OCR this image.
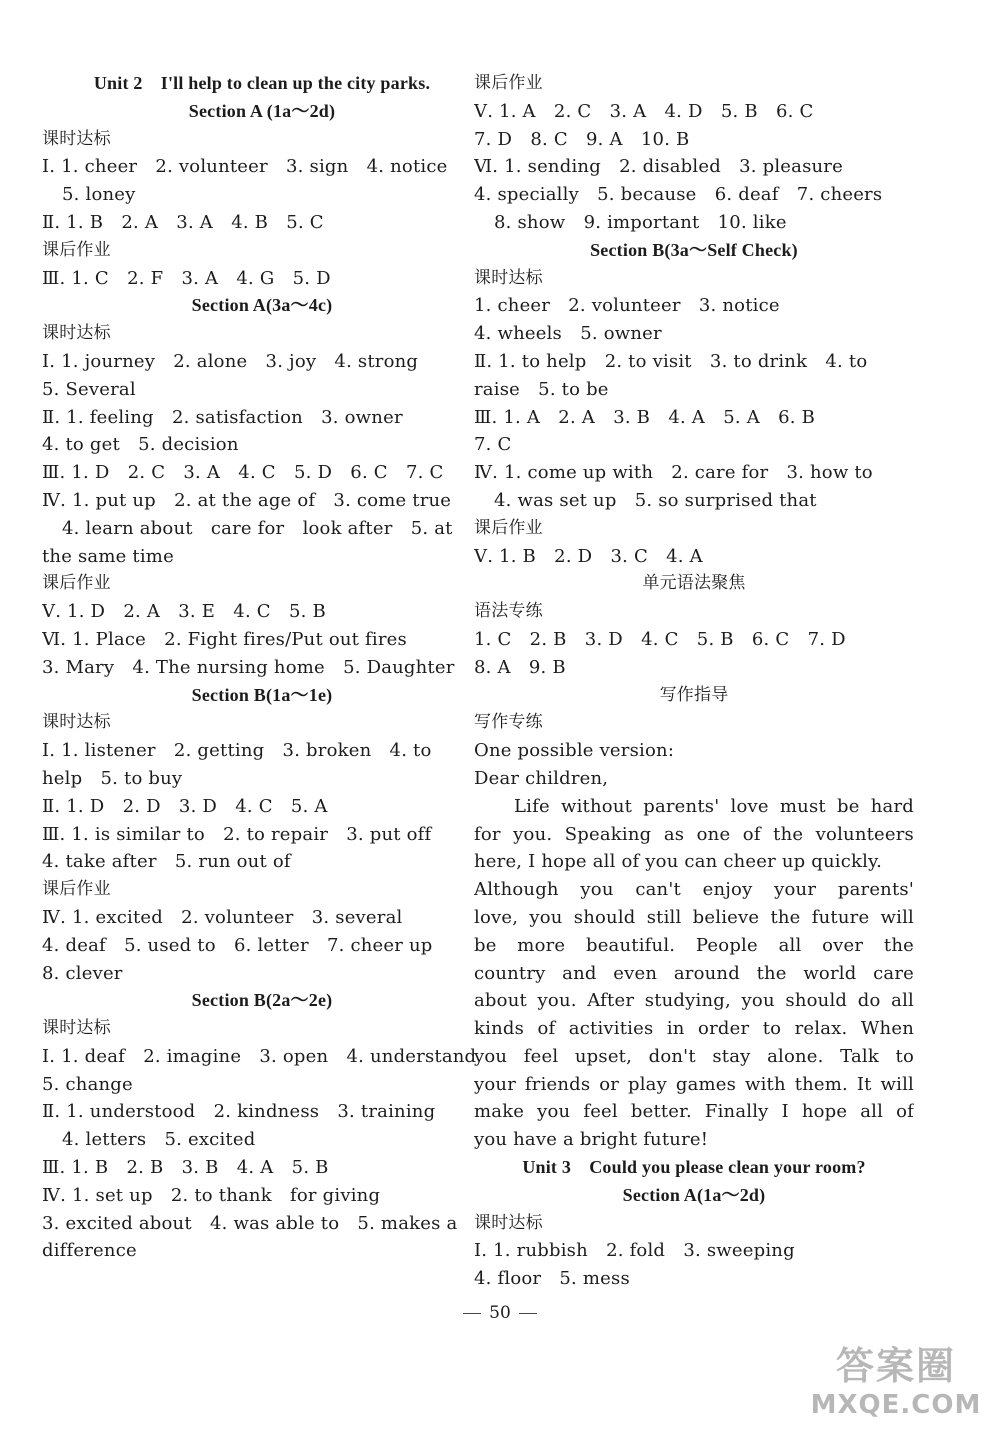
Unit 2　I'll help to clean up the city parks.
Section A (1a～2d)
课时达标
Ⅰ. 1. cheer　2. volunteer　3. sign　4. notice
5. loney
Ⅱ. 1. B　2. A　3. A　4. B　5. C
课后作业
Ⅲ. 1. C　2. F　3. A　4. G　5. D
Section A(3a～4c)
课时达标
Ⅰ. 1. journey　2. alone　3. joy　4. strong
5. Several
Ⅱ. 1. feeling　2. satisfaction　3. owner
4. to get　5. decision
Ⅲ. 1. D　2. C　3. A　4. C　5. D　6. C　7. C
Ⅳ. 1. put up　2. at the age of　3. come true
4. learn about　care for　look after　5. at
the same time
课后作业
Ⅴ. 1. D　2. A　3. E　4. C　5. B
Ⅵ. 1. Place　2. Fight fires/Put out fires
3. Mary　4. The nursing home　5. Daughter
Section B(1a～1e)
课时达标
Ⅰ. 1. listener　2. getting　3. broken　4. to
help　5. to buy
Ⅱ. 1. D　2. D　3. D　4. C　5. A
Ⅲ. 1. is similar to　2. to repair　3. put off
4. take after　5. run out of
课后作业
Ⅳ. 1. excited　2. volunteer　3. several
4. deaf　5. used to　6. letter　7. cheer up
8. clever
Section B(2a～2e)
课时达标
Ⅰ. 1. deaf　2. imagine　3. open　4. understand
5. change
Ⅱ. 1. understood　2. kindness　3. training
4. letters　5. excited
Ⅲ. 1. B　2. B　3. B　4. A　5. B
Ⅳ. 1. set up　2. to thank　for giving
3. excited about　4. was able to　5. makes a
difference
课后作业
Ⅴ. 1. A　2. C　3. A　4. D　5. B　6. C
7. D　8. C　9. A　10. B
Ⅵ. 1. sending　2. disabled　3. pleasure
4. specially　5. because　6. deaf　7. cheers
8. show　9. important　10. like
Section B(3a～Self Check)
课时达标
1. cheer　2. volunteer　3. notice
4. wheels　5. owner
Ⅱ. 1. to help　2. to visit　3. to drink　4. to
raise　5. to be
Ⅲ. 1. A　2. A　3. B　4. A　5. A　6. B
7. C
Ⅳ. 1. come up with　2. care for　3. how to
4. was set up　5. so surprised that
课后作业
Ⅴ. 1. B　2. D　3. C　4. A
单元语法聚焦
语法专练
1. C　2. B　3. D　4. C　5. B　6. C　7. D
8. A　9. B
写作指导
写作专练
One possible version:
Dear children,
Life without parents' love must be hard
for you. Speaking as one of the volunteers
here, I hope all of you can cheer up quickly.
Although you can't enjoy your parents'
love, you should still believe the future will
be more beautiful. People all over the
country and even around the world care
about you. After studying, you should do all
kinds of activities in order to relax. When
you feel upset, don't stay alone. Talk to
your friends or play games with them. It will
make you feel better. Finally I hope all of
you have a bright future!
Unit 3　Could you please clean your room?
Section A(1a～2d)
课时达标
Ⅰ. 1. rubbish　2. fold　3. sweeping
4. floor　5. mess
50
答案圈
MXQE.COM
